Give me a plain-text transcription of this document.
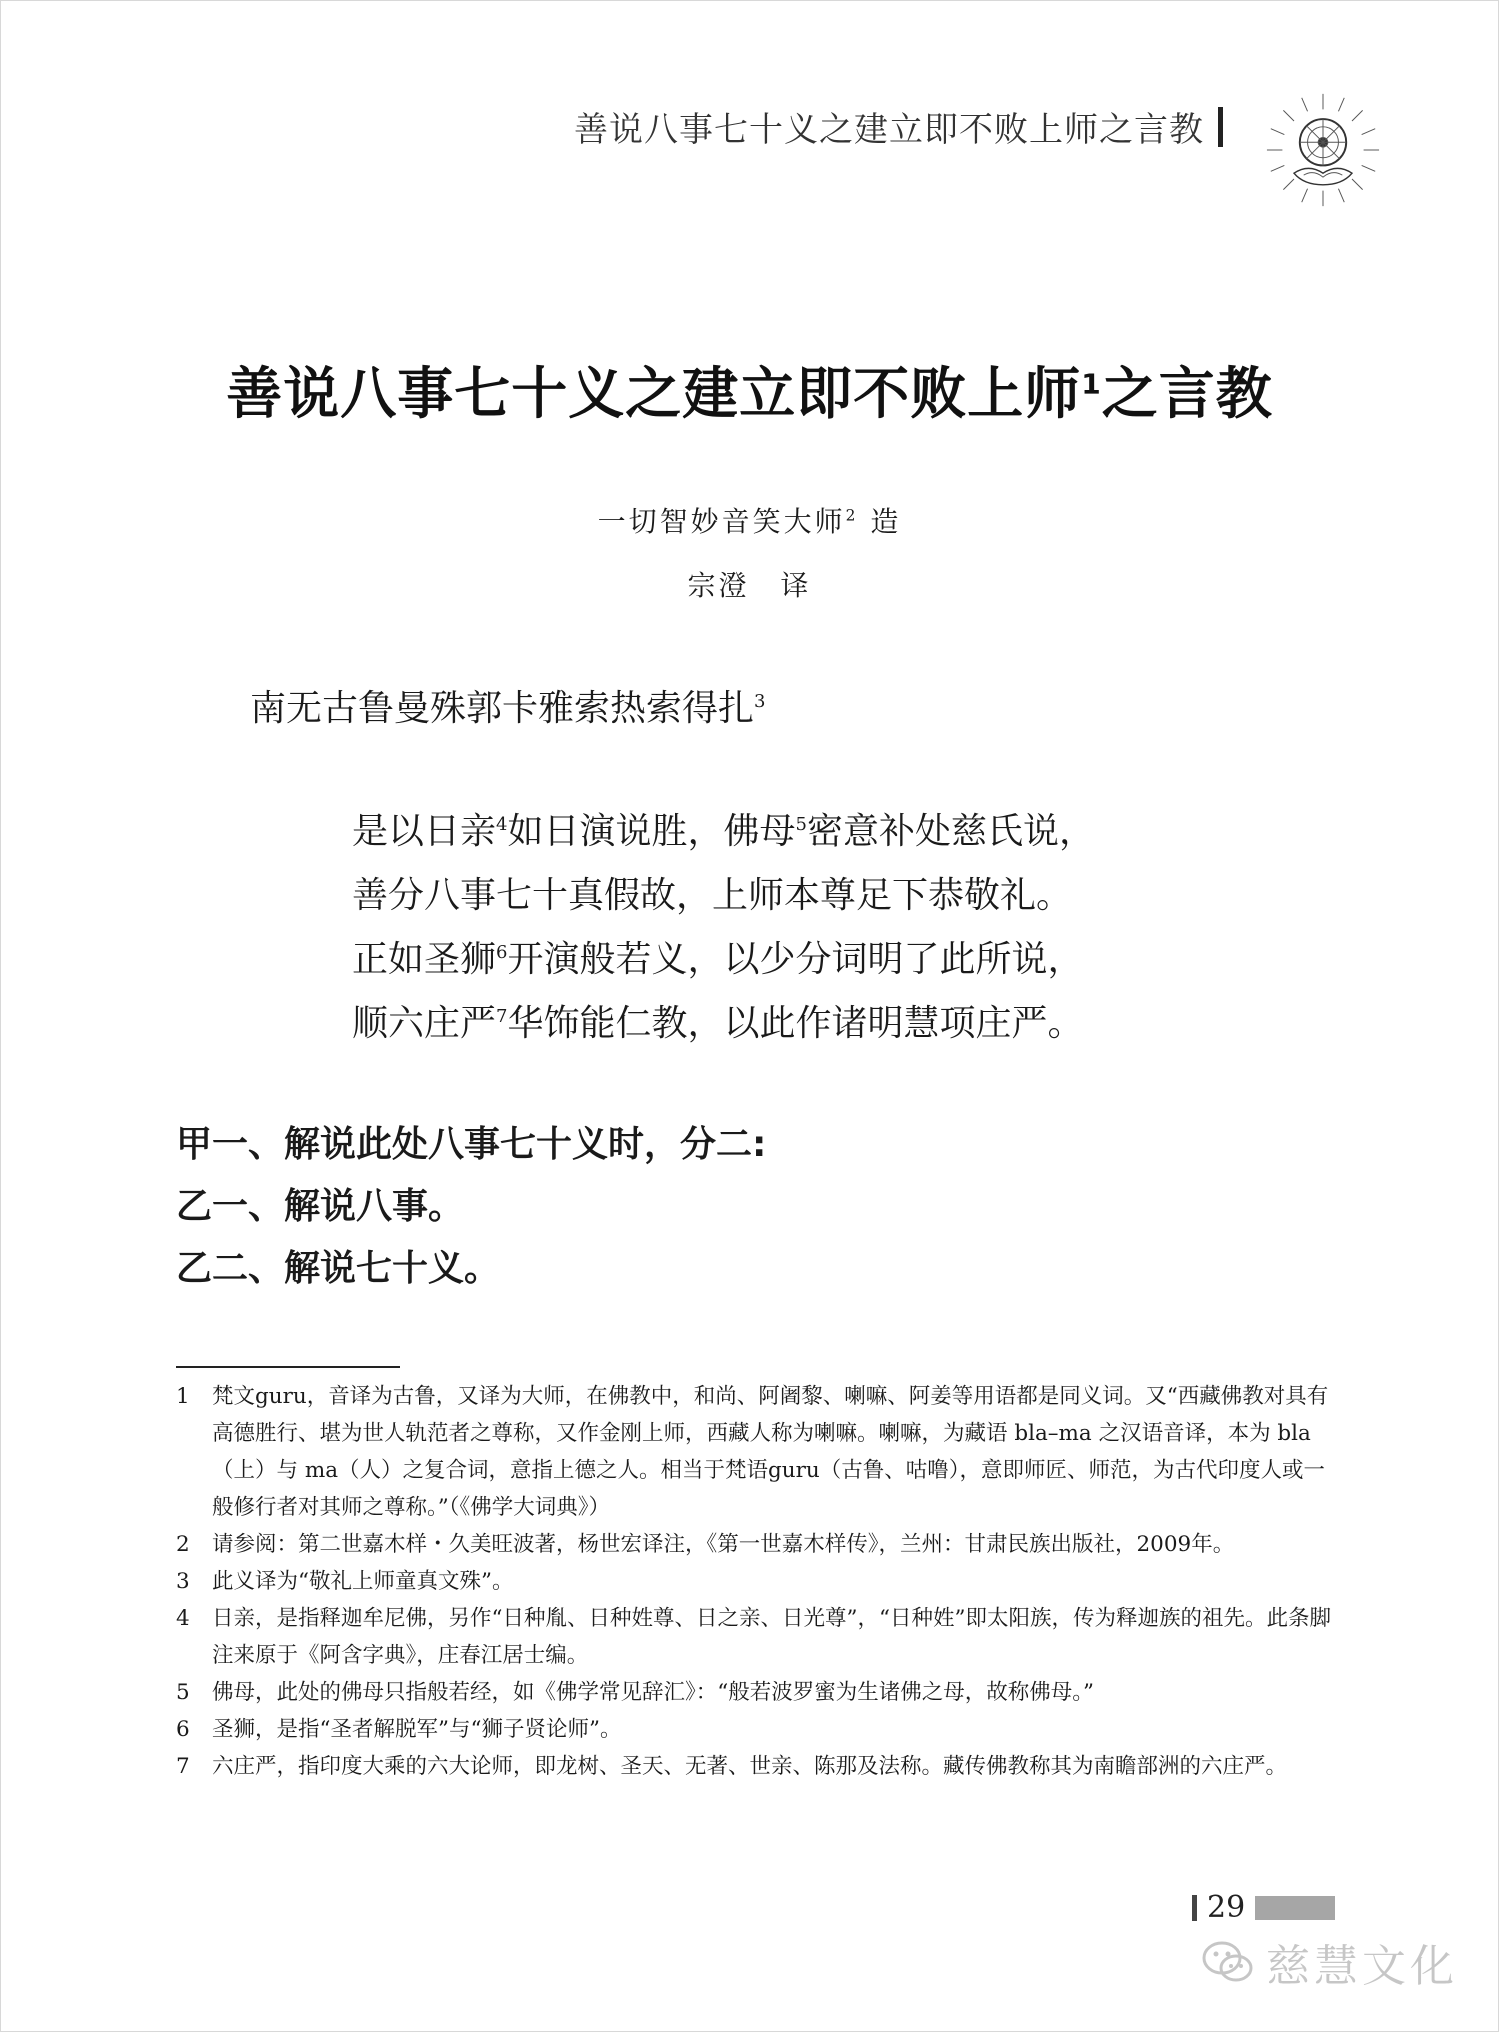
善说八事七十义之建立即不败上师之言教
善说八事七十义之建立即不败上师$^1$之言教
一切智妙音笑大师$^2$ 造
宗澄　译
南无古鲁曼殊郭卡雅索热索得扎$^3$
是以日亲$^4$如日演说胜，佛母$^5$密意补处慈氏说，
善分八事七十真假故，上师本尊足下恭敬礼。
正如圣狮$^6$开演般若义，以少分词明了此所说，
顺六庄严$^7$华饰能仁教，以此作诸明慧项庄严。
甲一、解说此处八事七十义时，分二:
乙一、解说八事。
乙二、解说七十义。
1	梵文guru，音译为古鲁，又译为大师，在佛教中，和尚、阿阇黎、喇嘛、阿姜等用语都是同义词。又“西藏佛教对具有高德胜行、堪为世人轨范者之尊称，又作金刚上师，西藏人称为喇嘛。喇嘛，为藏语 bla–ma 之汉语音译，本为 bla（上）与 ma（人）之复合词，意指上德之人。相当于梵语guru（古鲁、咕噜），意即师匠、师范，为古代印度人或一般修行者对其师之尊称。”（《佛学大词典》）
2	请参阅：第二世嘉木样・久美旺波著，杨世宏译注，《第一世嘉木样传》，兰州：甘肃民族出版社，2009年。
3	此义译为“敬礼上师童真文殊”。
4	日亲，是指释迦牟尼佛，另作“日种胤、日种姓尊、日之亲、日光尊”，“日种姓”即太阳族，传为释迦族的祖先。此条脚注来原于《阿含字典》，庄春江居士编。
5	佛母，此处的佛母只指般若经，如《佛学常见辞汇》：“般若波罗蜜为生诸佛之母，故称佛母。”
6	圣狮，是指“圣者解脱军”与“狮子贤论师”。
7	六庄严，指印度大乘的六大论师，即龙树、圣天、无著、世亲、陈那及法称。藏传佛教称其为南瞻部洲的六庄严。
29
慈慧文化
